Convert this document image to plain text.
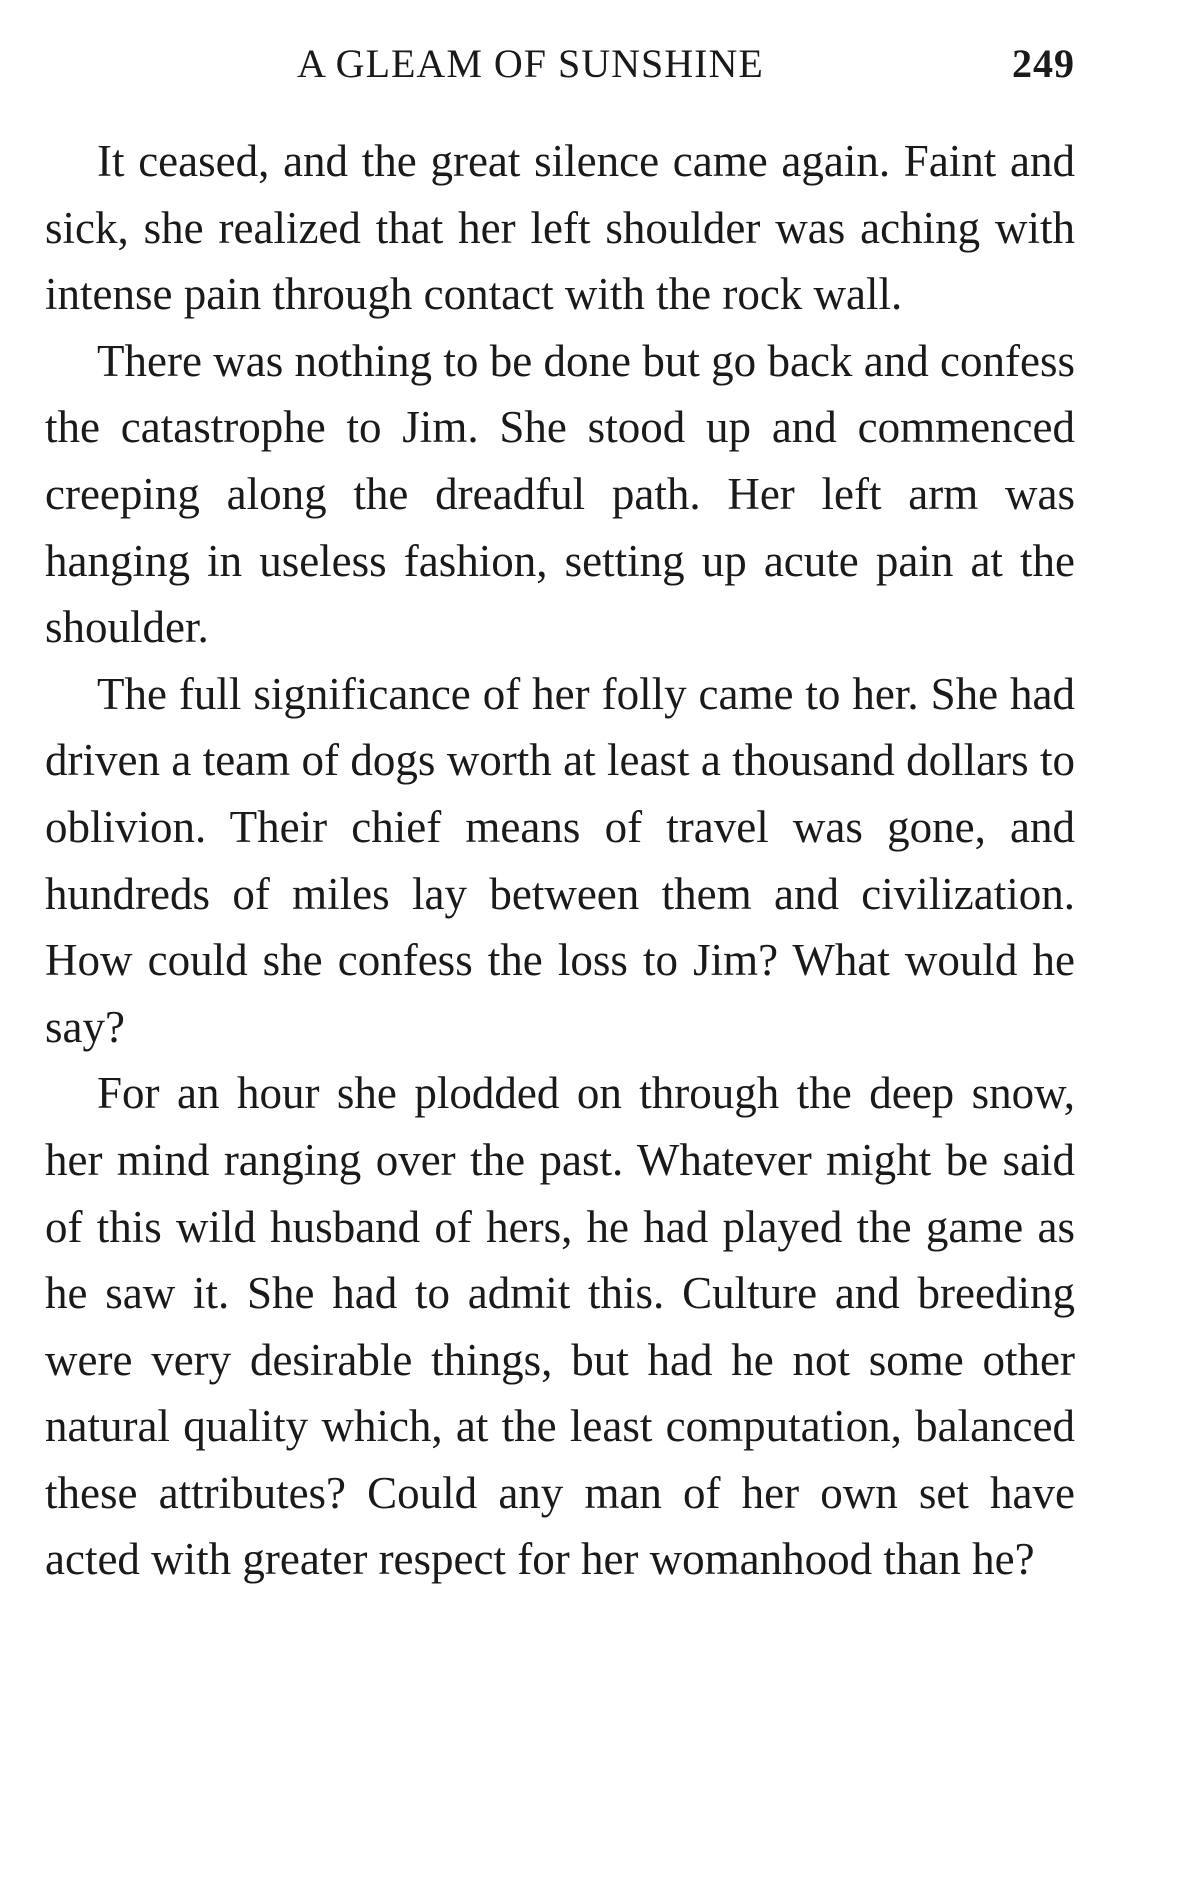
A GLEAM OF SUNSHINE	249

It ceased, and the great silence came again. Faint and sick, she realized that her left shoulder was aching with intense pain through contact with the rock wall.

There was nothing to be done but go back and confess the catastrophe to Jim. She stood up and commenced creeping along the dreadful path. Her left arm was hanging in useless fashion, setting up acute pain at the shoulder.

The full significance of her folly came to her. She had driven a team of dogs worth at least a thousand dollars to oblivion. Their chief means of travel was gone, and hundreds of miles lay between them and civilization. How could she confess the loss to Jim? What would he say?

For an hour she plodded on through the deep snow, her mind ranging over the past. Whatever might be said of this wild husband of hers, he had played the game as he saw it. She had to admit this. Culture and breeding were very desirable things, but had he not some other natural quality which, at the least computation, balanced these attributes? Could any man of her own set have acted with greater respect for her womanhood than he?
